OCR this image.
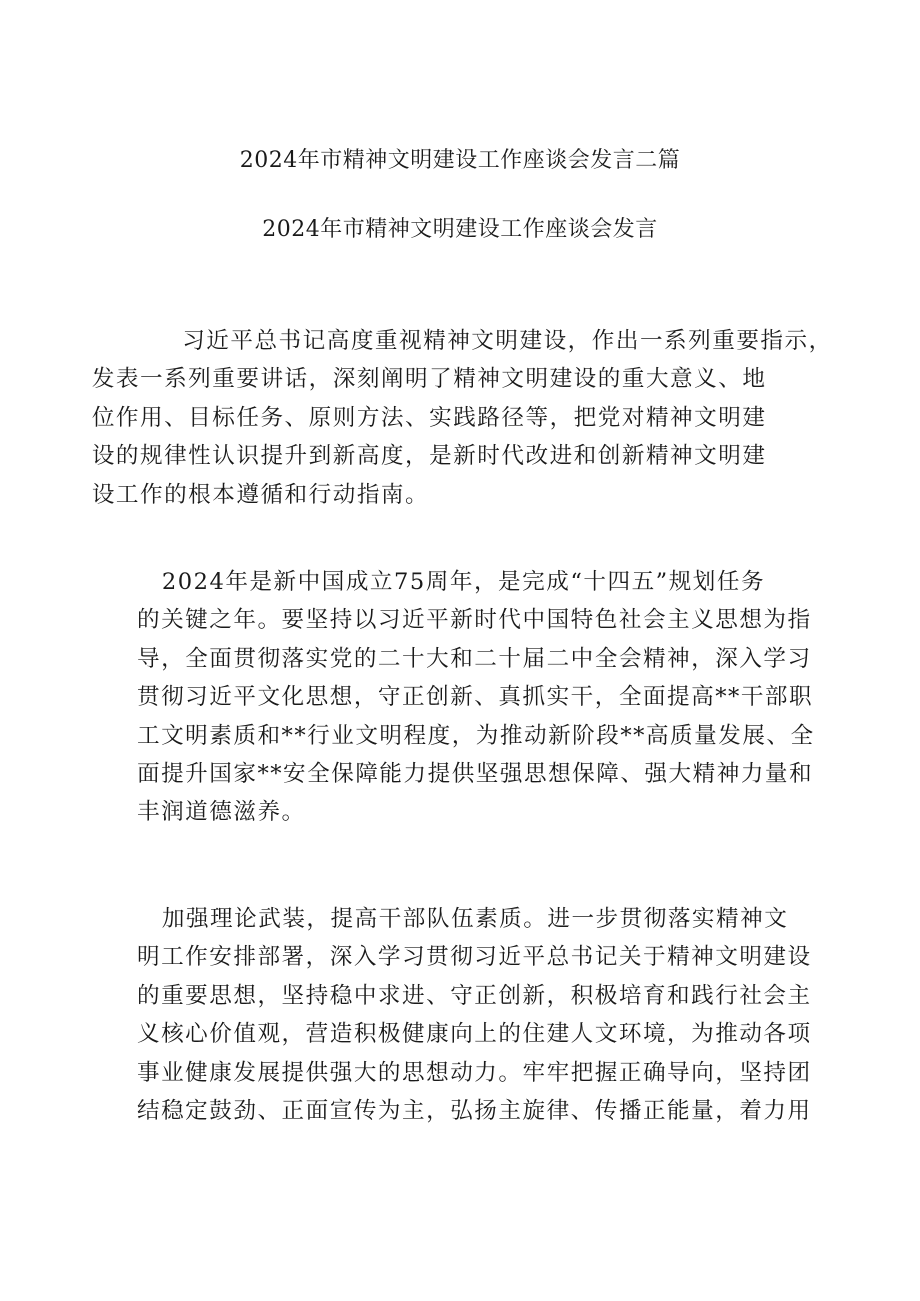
2024年市精神文明建设工作座谈会发言二篇
2024年市精神文明建设工作座谈会发言

习近平总书记高度重视精神文明建设，作出一系列重要指示，
发表一系列重要讲话，深刻阐明了精神文明建设的重大意义、地
位作用、目标任务、原则方法、实践路径等，把党对精神文明建
设的规律性认识提升到新高度，是新时代改进和创新精神文明建
设工作的根本遵循和行动指南。

2024年是新中国成立75周年，是完成“十四五”规划任务
的关键之年。要坚持以习近平新时代中国特色社会主义思想为指
导，全面贯彻落实党的二十大和二十届二中全会精神，深入学习
贯彻习近平文化思想，守正创新、真抓实干，全面提高**干部职
工文明素质和**行业文明程度，为推动新阶段**高质量发展、全
面提升国家**安全保障能力提供坚强思想保障、强大精神力量和
丰润道德滋养。

加强理论武装，提高干部队伍素质。进一步贯彻落实精神文
明工作安排部署，深入学习贯彻习近平总书记关于精神文明建设
的重要思想，坚持稳中求进、守正创新，积极培育和践行社会主
义核心价值观，营造积极健康向上的住建人文环境，为推动各项
事业健康发展提供强大的思想动力。牢牢把握正确导向，坚持团
结稳定鼓劲、正面宣传为主，弘扬主旋律、传播正能量，着力用
